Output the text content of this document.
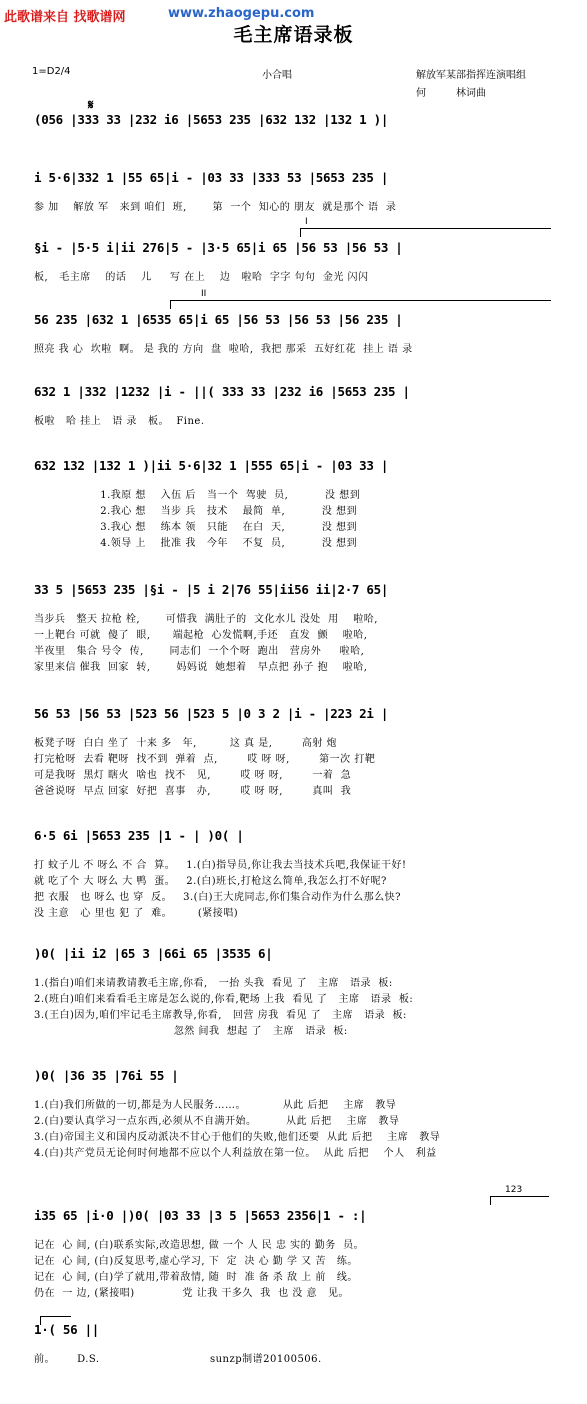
此歌谱来自 找歌谱网	www.zhaogepu.com
毛主席语录板
1=D2/4	小合唱	解放军某部指挥连演唱组
何　　　林词曲
𝄋
(056 |333 33 |232 i6 |5653 235 |632 132 |132 1 )|
i 5·6|332 1 |55 65|i - |03 33 |333 53 |5653 235 |
参 加    解放 军   来到 咱们  班,       第  一个  知心的 朋友  就是那个 语  录
I
§i - |5·5 i|ii 276|5 - |3·5 65|i 65 |56 53 |56 53 |
板,   毛主席    的话    儿     写 在上    边   啦哈  字字 句句  金光 闪闪
II
56 235 |632 1 |6535 65|i 65 |56 53 |56 53 |56 235 |
照亮 我 心  坎啦  啊。 是 我的 方向  盘  啦哈,  我把 那采  五好红花  挂上 语 录
632 1 |332 |1232 |i - ||( 333 33 |232 i6 |5653 235 |
板啦   哈 挂上   语 录   板。  Fine.
632 132 |132 1 )|ii 5·6|32 1 |555 65|i - |03 33 |
1.我原 想    入伍 后   当一个  驾驶  员,          没 想到
2.我心 想    当步 兵   技术    最简  单,          没 想到
3.我心 想    练本 领   只能    在白  天,          没 想到
4.领导 上    批准 我   今年    不复  员,          没 想到
33 5 |5653 235 |§i - |5 i 2|76 55|ii56 ii|2·7 65|
当步兵   整天 拉枪 栓,       可惜我  满肚子的  文化水儿 没处  用    啦哈,
一上靶台 可就  傻了  眼,      端起枪  心发慌啊,手还   直发  颤    啦哈,
半夜里   集合 号令  传,       同志们  一个个呀  跑出   营房外     啦哈,
家里来信 催我  回家  转,       妈妈说  她想着   早点把 孙子 抱    啦哈,
56 53 |56 53 |523 56 |523 5 |0 3 2 |i - |223 2i |
板凳子呀  白白 坐了  十来 多   年,         这 真 是,        高射 炮
打完枪呀  去看 靶呀  找不到  弹着  点,        哎 呀 呀,        第一次 打靶
可是我呀  黑灯 瞎火  啥也  找不   见,        哎 呀 呀,        一着  急
爸爸说呀  早点 回家  好把  喜事   办,        哎 呀 呀,        真叫  我
6·5 6i |5653 235 |1 - | )0( |
打 蚊子儿 不 呀么 不 合  算。   1.(白)指导员,你让我去当技术兵吧,我保证干好!
就 吃了个 大 呀么 大 鸭  蛋。   2.(白)班长,打枪这么简单,我怎么打不好呢?
把 衣服   也 呀么 也 穿  反。   3.(白)王大虎同志,你们集合动作为什么那么快?
没 主意   心 里也 犯 了  难。       (紧接唱)
)0( |ii i2 |65 3 |66i 65 |3535 6|
1.(指白)咱们来请教请教毛主席,你看,   一抬 头我  看见 了   主席   语录  板:
2.(班白)咱们来看看毛主席是怎么说的,你看,靶场 上我  看见 了   主席   语录  板:
3.(王白)因为,咱们牢记毛主席教导,你看,   回营 房我  看见 了   主席   语录  板:
忽然 间我  想起 了   主席   语录  板:
)0( |36 35 |76i 55 |
1.(白)我们所做的一切,都是为人民服务……。          从此 后把    主席   教导
2.(白)要认真学习一点东西,必须从不自满开始。        从此 后把    主席   教导
3.(白)帝国主义和国内反动派决不甘心于他们的失败,他们还要  从此 后把    主席   教导
4.(白)共产党员无论何时何地都不应以个人利益放在第一位。  从此 后把    个人   利益
123
i35 65 |i·0 |)0( |03 33 |3 5 |5653 2356|1 - :|
记在  心 间, (白)联系实际,改造思想, 做 一个 人 民 忠 实的 勤务  员。
记在  心 间, (白)反复思考,虚心学习, 下  定  决 心 勤 学 又 苦   练。
记在  心 间, (白)学了就用,带着敌情, 随  时  准 备 杀 敌 上 前   线。
仍在  一 边, (紧接唱)             党 让我 干多久  我  也 没 意   见。
1·( 56 ||
前。      D.S.                              sunzp制谱20100506.
